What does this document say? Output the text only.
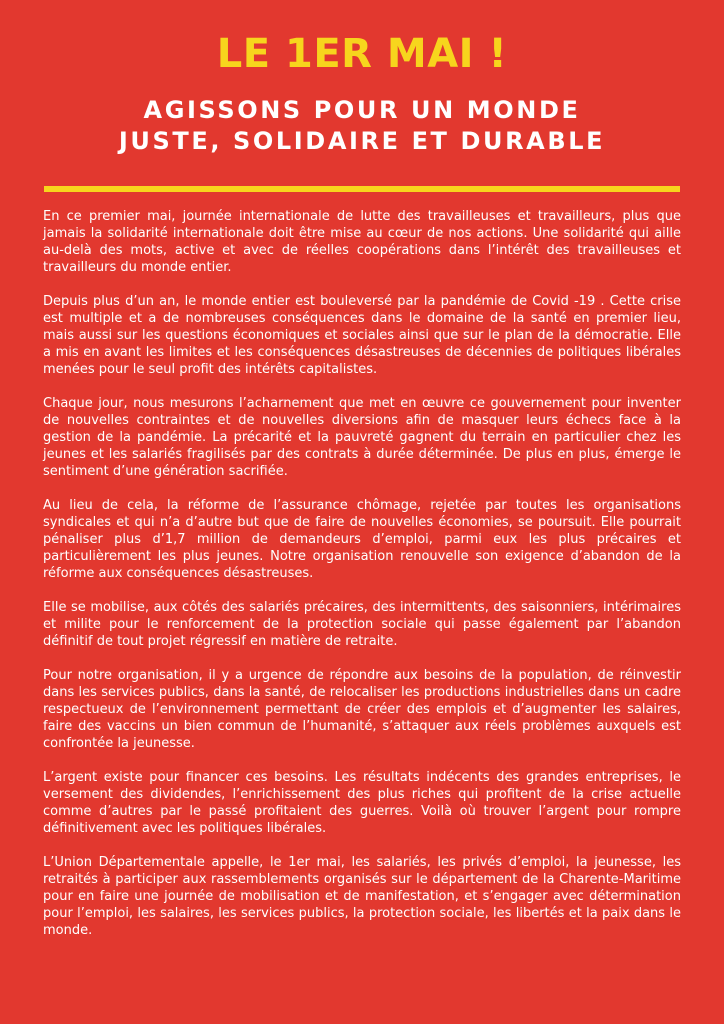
LE 1ER MAI !
AGISSONS POUR UN MONDE
JUSTE, SOLIDAIRE ET DURABLE

En ce premier mai, journée internationale de lutte des travailleuses et travailleurs, plus que jamais la solidarité internationale doit être mise au cœur de nos actions. Une solidarité qui aille au-delà des mots, active et avec de réelles coopérations dans l’intérêt des travailleuses et travailleurs du monde entier.

Depuis plus d’un an, le monde entier est bouleversé par la pandémie de Covid -19 . Cette crise est multiple et a de nombreuses conséquences dans le domaine de la santé en premier lieu, mais aussi sur les questions économiques et sociales ainsi que sur le plan de la démocratie. Elle a mis en avant les limites et les conséquences désastreuses de décennies de politiques libérales menées pour le seul profit des intérêts capitalistes.

Chaque jour, nous mesurons l’acharnement que met en œuvre ce gouvernement pour inventer de nouvelles contraintes et de nouvelles diversions afin de masquer leurs échecs face à la gestion de la pandémie. La précarité et la pauvreté gagnent du terrain en particulier chez les jeunes et les salariés fragilisés par des contrats à durée déterminée. De plus en plus, émerge le sentiment d’une génération sacrifiée.

Au lieu de cela, la réforme de l’assurance chômage, rejetée par toutes les organisations syndicales et qui n’a d’autre but que de faire de nouvelles économies, se poursuit. Elle pourrait pénaliser plus d’1,7 million de demandeurs d’emploi, parmi eux les plus précaires et particulièrement les plus jeunes. Notre organisation renouvelle son exigence d’abandon de la réforme aux conséquences désastreuses.

Elle se mobilise, aux côtés des salariés précaires, des intermittents, des saisonniers, intérimaires et milite pour le renforcement de la protection sociale qui passe également par l’abandon définitif de tout projet régressif en matière de retraite.

Pour notre organisation, il y a urgence de répondre aux besoins de la population, de réinvestir dans les services publics, dans la santé, de relocaliser les productions industrielles dans un cadre respectueux de l’environnement permettant de créer des emplois et d’augmenter les salaires, faire des vaccins un bien commun de l’humanité, s’attaquer aux réels problèmes auxquels est confrontée la jeunesse.

L’argent existe pour financer ces besoins. Les résultats indécents des grandes entreprises, le versement des dividendes, l’enrichissement des plus riches qui profitent de la crise actuelle comme d’autres par le passé profitaient des guerres. Voilà où trouver l’argent pour rompre définitivement avec les politiques libérales.

L’Union Départementale appelle, le 1er mai, les salariés, les privés d’emploi, la jeunesse, les retraités à participer aux rassemblements organisés sur le département de la Charente-Maritime pour en faire une journée de mobilisation et de manifestation, et s’engager avec détermination pour l’emploi, les salaires, les services publics, la protection sociale, les libertés et la paix dans le monde.
